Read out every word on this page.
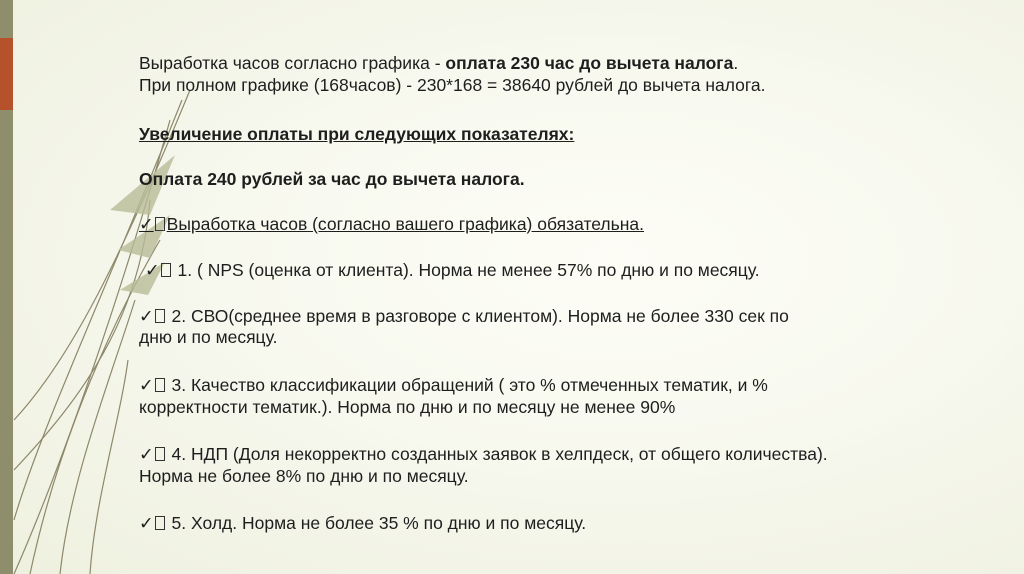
Выработка часов согласно графика - оплата 230 час до вычета налога.
При полном графике (168часов) - 230*168 = 38640 рублей до вычета налога.
Увеличение оплаты при следующих показателях:
Оплата 240 рублей за час до вычета налога.
✓ Выработка часов (согласно вашего графика) обязательна.
✓ 1. ( NPS (оценка от клиента). Норма не менее 57% по дню и по месяцу.
✓ 2. СВО(среднее время в разговоре с клиентом). Норма не более 330 сек по
дню и по месяцу.
✓ 3. Качество классификации обращений ( это % отмеченных тематик, и %
корректности тематик.). Норма по дню и по месяцу не менее 90%
✓ 4. НДП (Доля некорректно созданных заявок в хелпдеск, от общего количества).
Норма не более 8% по дню и по месяцу.
✓ 5. Холд. Норма не более 35 % по дню и по месяцу.
